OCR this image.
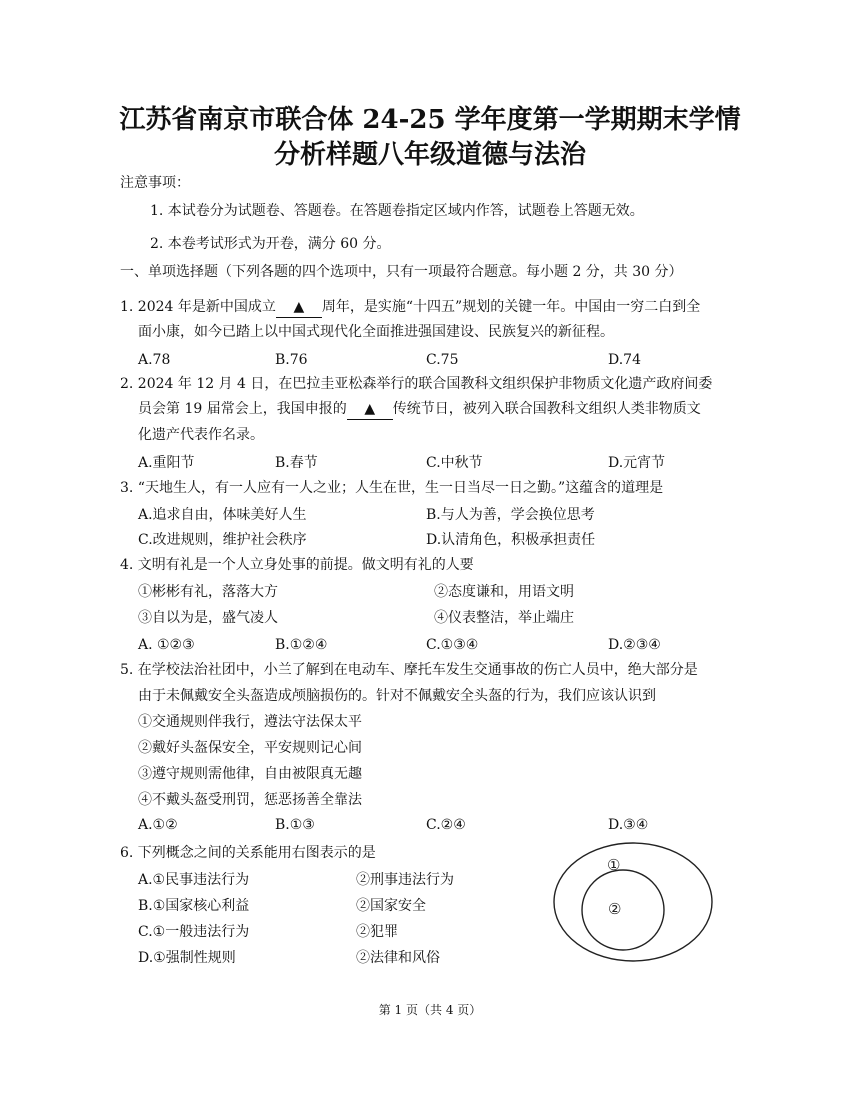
江苏省南京市联合体 24-25 学年度第一学期期末学情
分析样题八年级道德与法治
注意事项：
1. 本试卷分为试题卷、答题卷。在答题卷指定区域内作答，试题卷上答题无效。
2. 本卷考试形式为开卷，满分 60 分。
一、单项选择题（下列各题的四个选项中，只有一项最符合题意。每小题 2 分，共 30 分）
1. 2024 年是新中国成立 ▲ 周年，是实施“十四五”规划的关键一年。中国由一穷二白到全
面小康，如今已踏上以中国式现代化全面推进强国建设、民族复兴的新征程。
A.78	B.76	C.75	D.74
2. 2024 年 12 月 4 日，在巴拉圭亚松森举行的联合国教科文组织保护非物质文化遗产政府间委
员会第 19 届常会上，我国申报的 ▲ 传统节日，被列入联合国教科文组织人类非物质文
化遗产代表作名录。
A.重阳节	B.春节	C.中秋节	D.元宵节
3. “天地生人，有一人应有一人之业；人生在世，生一日当尽一日之勤。”这蕴含的道理是
A.追求自由，体味美好人生	B.与人为善，学会换位思考
C.改进规则，维护社会秩序	D.认清角色，积极承担责任
4. 文明有礼是一个人立身处事的前提。做文明有礼的人要
①彬彬有礼，落落大方	②态度谦和，用语文明
③自以为是，盛气凌人	④仪表整洁，举止端庄
A. ①②③	B.①②④	C.①③④	D.②③④
5. 在学校法治社团中，小兰了解到在电动车、摩托车发生交通事故的伤亡人员中，绝大部分是
由于未佩戴安全头盔造成颅脑损伤的。针对不佩戴安全头盔的行为，我们应该认识到
①交通规则伴我行，遵法守法保太平
②戴好头盔保安全，平安规则记心间
③遵守规则需他律，自由被限真无趣
④不戴头盔受刑罚，惩恶扬善全靠法
A.①②	B.①③	C.②④	D.③④
6. 下列概念之间的关系能用右图表示的是
A.①民事违法行为	②刑事违法行为
B.①国家核心利益	②国家安全
C.①一般违法行为	②犯罪
D.①强制性规则	②法律和风俗
①
②
第 1 页（共 4 页）
